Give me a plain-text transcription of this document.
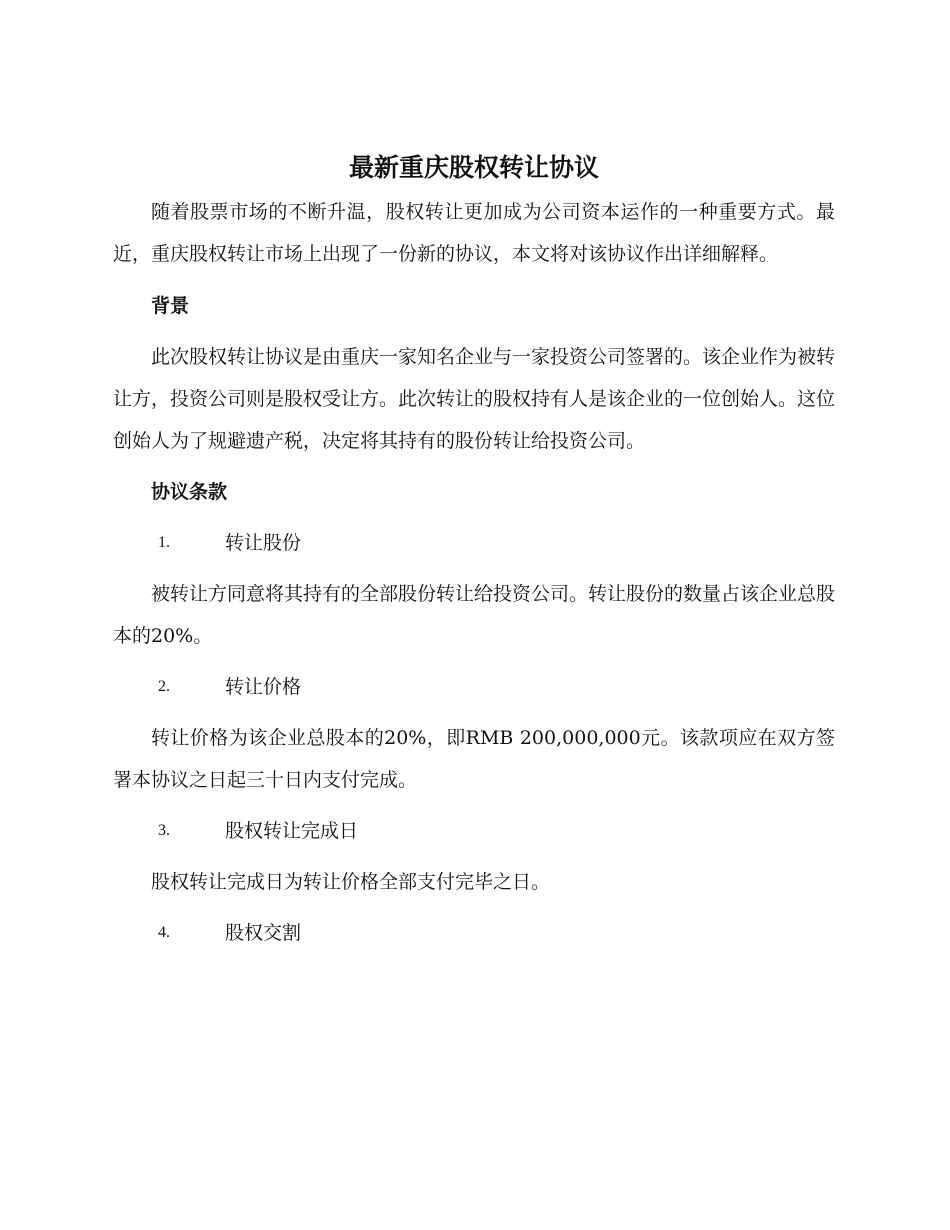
最新重庆股权转让协议

随着股票市场的不断升温，股权转让更加成为公司资本运作的一种重要方式。最近，重庆股权转让市场上出现了一份新的协议，本文将对该协议作出详细解释。

背景

此次股权转让协议是由重庆一家知名企业与一家投资公司签署的。该企业作为被转让方，投资公司则是股权受让方。此次转让的股权持有人是该企业的一位创始人。这位创始人为了规避遗产税，决定将其持有的股份转让给投资公司。

协议条款
1.	转让股份

被转让方同意将其持有的全部股份转让给投资公司。转让股份的数量占该企业总股本的20%。

2.	转让价格

转让价格为该企业总股本的20%，即RMB 200,000,000元。该款项应在双方签署本协议之日起三十日内支付完成。

3.	股权转让完成日

股权转让完成日为转让价格全部支付完毕之日。

4.	股权交割
